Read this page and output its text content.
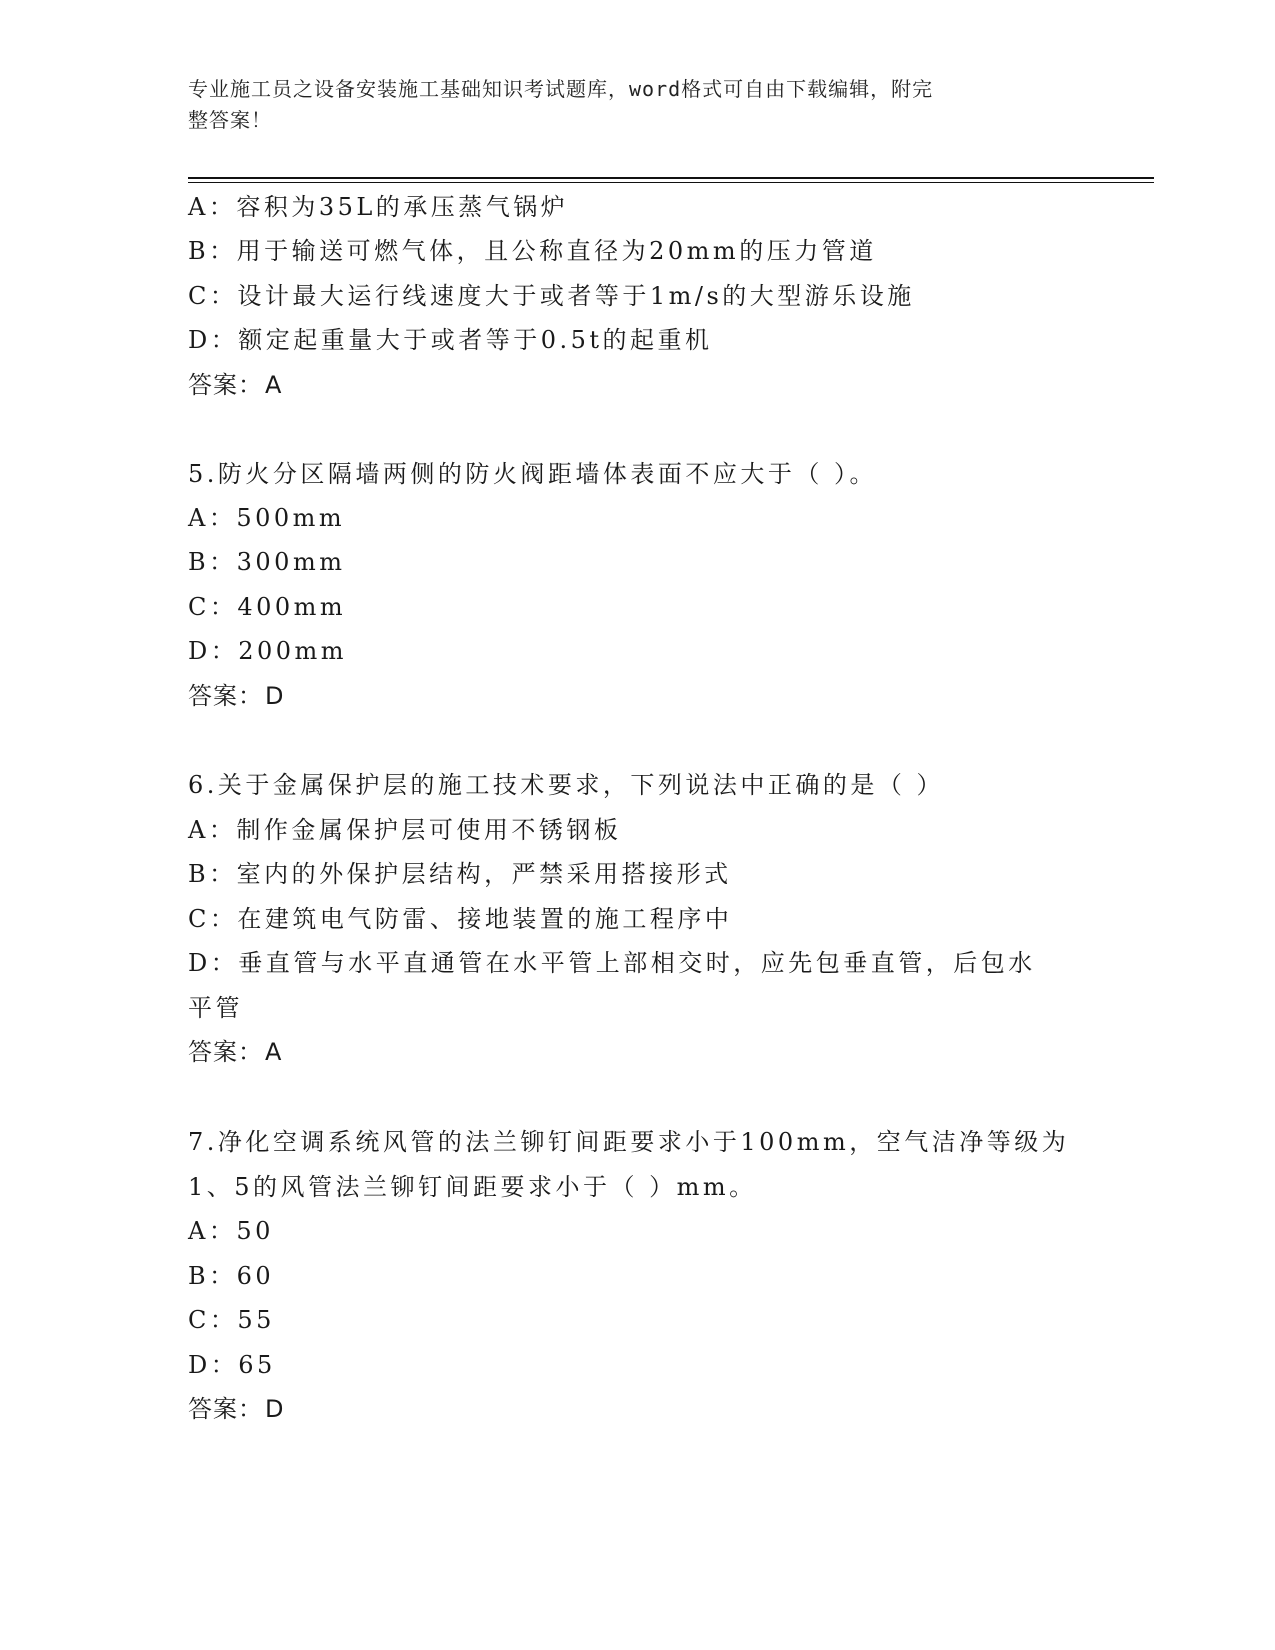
专业施工员之设备安装施工基础知识考试题库，word格式可自由下载编辑，附完
整答案！
A：容积为35L的承压蒸气锅炉
B：用于输送可燃气体，且公称直径为20mm的压力管道
C：设计最大运行线速度大于或者等于1m/s的大型游乐设施
D：额定起重量大于或者等于0.5t的起重机
答案：A
5.防火分区隔墙两侧的防火阀距墙体表面不应大于（ ）。
A：500mm
B：300mm
C：400mm
D：200mm
答案：D
6.关于金属保护层的施工技术要求，下列说法中正确的是（ ）
A：制作金属保护层可使用不锈钢板
B：室内的外保护层结构，严禁采用搭接形式
C：在建筑电气防雷、接地装置的施工程序中
D：垂直管与水平直通管在水平管上部相交时，应先包垂直管，后包水
平管
答案：A
7.净化空调系统风管的法兰铆钉间距要求小于100mm，空气洁净等级为
1、5的风管法兰铆钉间距要求小于（ ）mm。
A：50
B：60
C：55
D：65
答案：D
